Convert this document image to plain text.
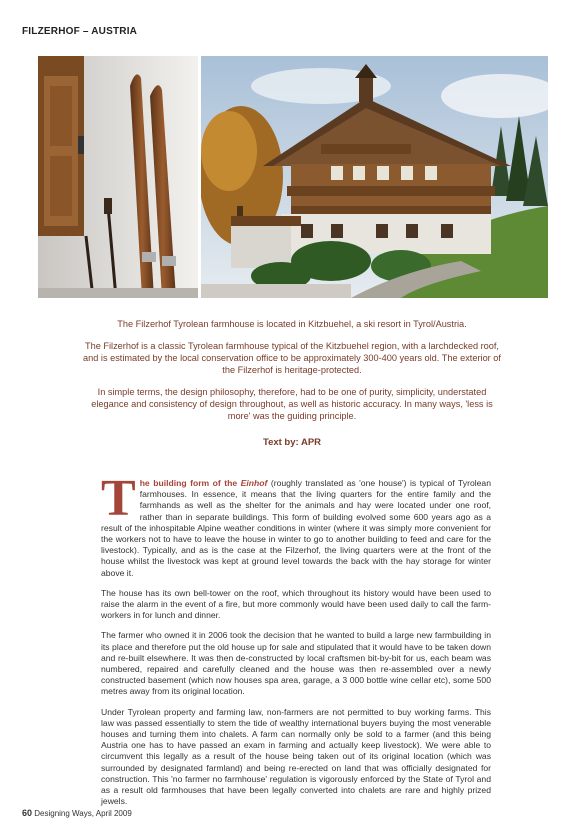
FILZERHOF – AUSTRIA

The Filzerhof Tyrolean farmhouse is located in Kitzbuehel, a ski resort in Tyrol/Austria.

The Filzerhof is a classic Tyrolean farmhouse typical of the Kitzbuehel region, with a larchdecked roof, and is estimated by the local conservation office to be approximately 300-400 years old. The exterior of the Filzerhof is heritage-protected.

In simple terms, the design philosophy, therefore, had to be one of purity, simplicity, understated elegance and consistency of design throughout, as well as historic accuracy. In many ways, 'less is more' was the guiding principle.

Text by: APR

The building form of the Einhof (roughly translated as 'one house') is typical of Tyrolean farmhouses. In essence, it means that the living quarters for the entire family and the farmhands as well as the shelter for the animals and hay were located under one roof, rather than in separate buildings. This form of building evolved some 600 years ago as a result of the inhospitable Alpine weather conditions in winter (where it was simply more convenient for the workers not to have to leave the house in winter to go to another building to feed and care for the livestock). Typically, and as is the case at the Filzerhof, the living quarters were at the front of the house whilst the livestock was kept at ground level towards the back with the hay storage for winter above it.

The house has its own bell-tower on the roof, which throughout its history would have been used to raise the alarm in the event of a fire, but more commonly would have been used daily to call the farm-workers in for lunch and dinner.

The farmer who owned it in 2006 took the decision that he wanted to build a large new farmbuilding in its place and therefore put the old house up for sale and stipulated that it would have to be taken down and re-built elsewhere. It was then de-constructed by local craftsmen bit-by-bit for us, each beam was numbered, repaired and carefully cleaned and the house was then re-assembled over a newly constructed basement (which now houses spa area, garage, a 3 000 bottle wine cellar etc), some 500 metres away from its original location.

Under Tyrolean property and farming law, non-farmers are not permitted to buy working farms. This law was passed essentially to stem the tide of wealthy international buyers buying the most venerable houses and turning them into chalets. A farm can normally only be sold to a farmer (and this being Austria one has to have passed an exam in farming and actually keep livestock). We were able to circumvent this legally as a result of the house being taken out of its original location (which was surrounded by designated farmland) and being re-erected on land that was officially designated for construction. This 'no farmer no farmhouse' regulation is vigorously enforced by the State of Tyrol and as a result old farmhouses that have been legally converted into chalets are rare and highly prized jewels.

60 Designing Ways, April 2009
